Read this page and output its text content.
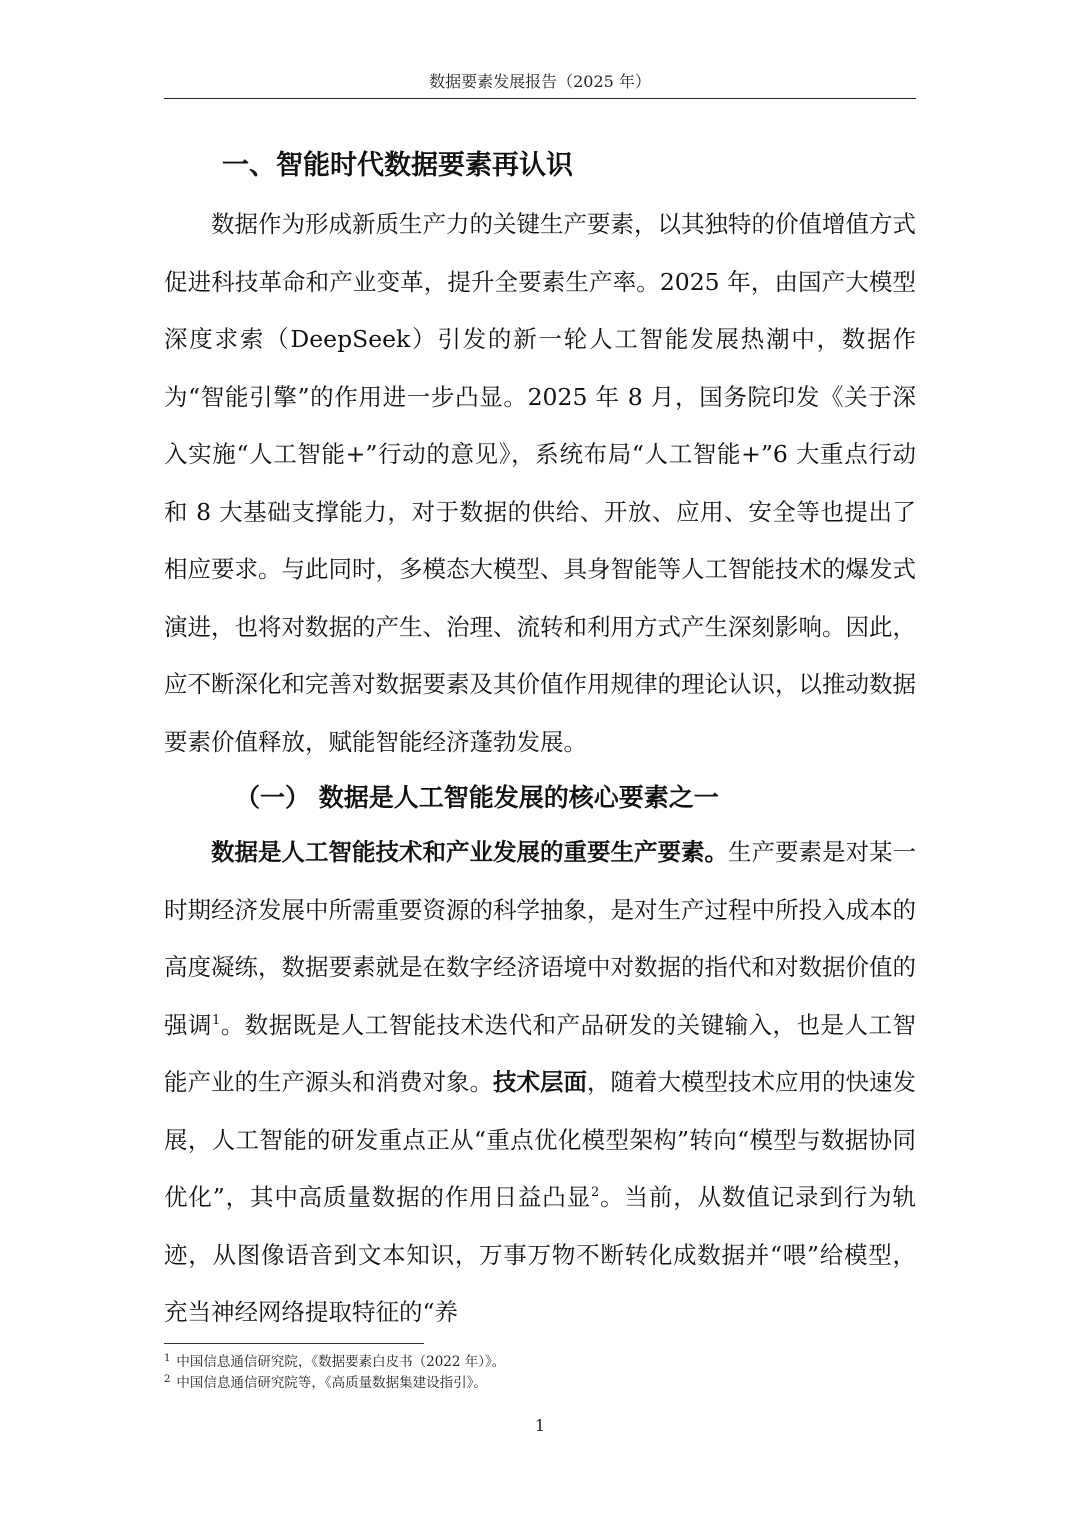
数据要素发展报告（2025 年）
一、智能时代数据要素再认识

数据作为形成新质生产力的关键生产要素，以其独特的价值增值方式促进科技革命和产业变革，提升全要素生产率。2025 年，由国产大模型深度求索（DeepSeek）引发的新一轮人工智能发展热潮中，数据作为“智能引擎”的作用进一步凸显。2025 年 8 月，国务院印发《关于深入实施“人工智能+”行动的意见》，系统布局“人工智能+”6 大重点行动和 8 大基础支撑能力，对于数据的供给、开放、应用、安全等也提出了相应要求。与此同时，多模态大模型、具身智能等人工智能技术的爆发式演进，也将对数据的产生、治理、流转和利用方式产生深刻影响。因此，应不断深化和完善对数据要素及其价值作用规律的理论认识，以推动数据要素价值释放，赋能智能经济蓬勃发展。

（一） 数据是人工智能发展的核心要素之一

数据是人工智能技术和产业发展的重要生产要素。生产要素是对某一时期经济发展中所需重要资源的科学抽象，是对生产过程中所投入成本的高度凝练，数据要素就是在数字经济语境中对数据的指代和对数据价值的强调$^1$。数据既是人工智能技术迭代和产品研发的关键输入，也是人工智能产业的生产源头和消费对象。技术层面，随着大模型技术应用的快速发展，人工智能的研发重点正从“重点优化模型架构”转向“模型与数据协同优化”，其中高质量数据的作用日益凸显$^2$。当前，从数值记录到行为轨迹，从图像语音到文本知识，万事万物不断转化成数据并“喂”给模型，充当神经网络提取特征的“养

1 中国信息通信研究院，《数据要素白皮书（2022 年）》。
2 中国信息通信研究院等，《高质量数据集建设指引》。
1
